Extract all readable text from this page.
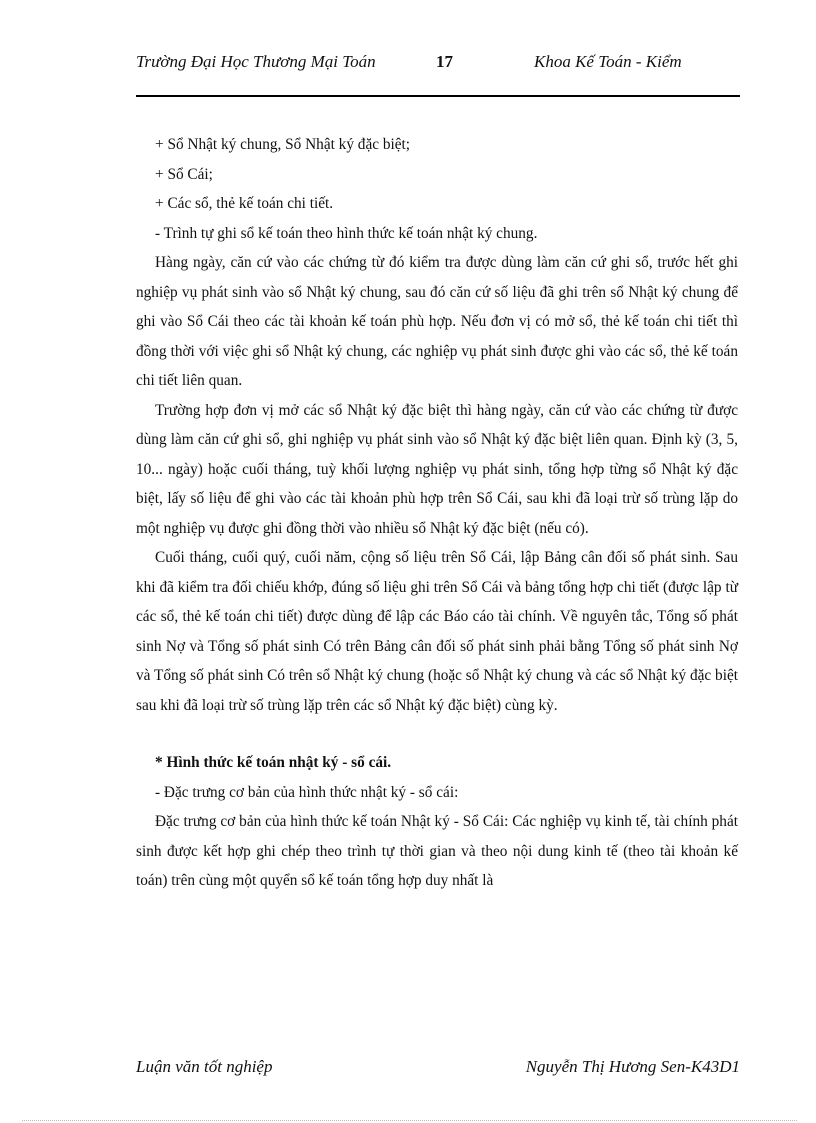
Trường Đại Học Thương Mại Toán	17	Khoa Kế Toán - Kiểm

+ Sổ Nhật ký chung, Sổ Nhật ký đặc biệt;

+ Sổ Cái;

+ Các sổ, thẻ kế toán chi tiết.

- Trình tự ghi sổ kế toán theo hình thức kế toán nhật ký chung.

Hàng ngày, căn cứ vào các chứng từ đó kiểm tra được dùng làm căn cứ ghi sổ, trước hết ghi nghiệp vụ phát sinh vào sổ Nhật ký chung, sau đó căn cứ số liệu đã ghi trên sổ Nhật ký chung để ghi vào Sổ Cái theo các tài khoản kế toán phù hợp. Nếu đơn vị có mở sổ, thẻ kế toán chi tiết thì đồng thời với việc ghi sổ Nhật ký chung, các nghiệp vụ phát sinh được ghi vào các sổ, thẻ kế toán chi tiết liên quan.

Trường hợp đơn vị mở các sổ Nhật ký đặc biệt thì hàng ngày, căn cứ vào các chứng từ được dùng làm căn cứ ghi sổ, ghi nghiệp vụ phát sinh vào sổ Nhật ký đặc biệt liên quan. Định kỳ (3, 5, 10... ngày) hoặc cuối tháng, tuỳ khối lượng nghiệp vụ phát sinh, tổng hợp từng sổ Nhật ký đặc biệt, lấy số liệu để ghi vào các tài khoản phù hợp trên Sổ Cái, sau khi đã loại trừ số trùng lặp do một nghiệp vụ được ghi đồng thời vào nhiều sổ Nhật ký đặc biệt (nếu có).

Cuối tháng, cuối quý, cuối năm, cộng số liệu trên Sổ Cái, lập Bảng cân đối số phát sinh. Sau khi đã kiểm tra đối chiếu khớp, đúng số liệu ghi trên Sổ Cái và bảng tổng hợp chi tiết (được lập từ các sổ, thẻ kế toán chi tiết) được dùng để lập các Báo cáo tài chính. Về nguyên tắc, Tổng số phát sinh Nợ và Tổng số phát sinh Có trên Bảng cân đối số phát sinh phải bằng Tổng số phát sinh Nợ và Tổng số phát sinh Có trên sổ Nhật ký chung (hoặc sổ Nhật ký chung và các sổ Nhật ký đặc biệt sau khi đã loại trừ số trùng lặp trên các sổ Nhật ký đặc biệt) cùng kỳ.

* Hình thức kế toán nhật ký - sổ cái.

- Đặc trưng cơ bản của hình thức nhật ký - sổ cái:

Đặc trưng cơ bản của hình thức kế toán Nhật ký - Sổ Cái: Các nghiệp vụ kinh tế, tài chính phát sinh được kết hợp ghi chép theo trình tự thời gian và theo nội dung kinh tế (theo tài khoản kế toán) trên cùng một quyển sổ kế toán tổng hợp duy nhất là

Luận văn tốt nghiệp	Nguyễn Thị Hương Sen-K43D1
